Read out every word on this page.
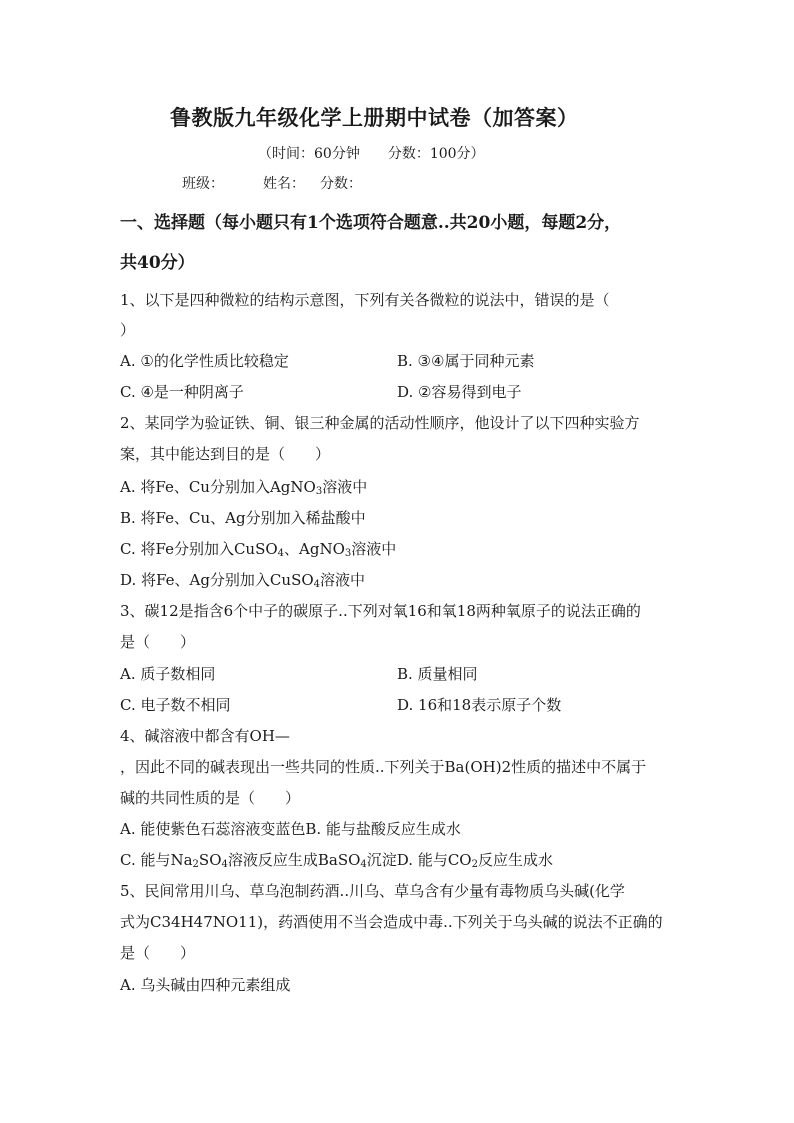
鲁教版九年级化学上册期中试卷（加答案）
（时间：60分钟　　分数：100分）
班级：	姓名： 分数：
一、选择题（每小题只有1个选项符合题意..共20小题，每题2分，
共40分）
1、以下是四种微粒的结构示意图，下列有关各微粒的说法中，错误的是（
）
A. ①的化学性质比较稳定	B. ③④属于同种元素
C. ④是一种阴离子	D. ②容易得到电子
2、某同学为验证铁、铜、银三种金属的活动性顺序，他设计了以下四种实验方
案，其中能达到目的是（　　）
A. 将Fe、Cu分别加入AgNO$_3$溶液中
B. 将Fe、Cu、Ag分别加入稀盐酸中
C. 将Fe分别加入CuSO$_4$、AgNO$_3$溶液中
D. 将Fe、Ag分别加入CuSO$_4$溶液中
3、碳12是指含6个中子的碳原子..下列对氧16和氧18两种氧原子的说法正确的
是（　　）
A. 质子数相同	B. 质量相同
C. 电子数不相同	D. 16和18表示原子个数
4、碱溶液中都含有OH—
，因此不同的碱表现出一些共同的性质..下列关于Ba(OH)2性质的描述中不属于
碱的共同性质的是（　　）
A. 能使紫色石蕊溶液变蓝色B. 能与盐酸反应生成水
C. 能与$Na_2SO_4$溶液反应生成BaSO$_4$沉淀D. 能与$CO_2$反应生成水
5、民间常用川乌、草乌泡制药酒..川乌、草乌含有少量有毒物质乌头碱(化学
式为C34H47NO11)，药酒使用不当会造成中毒..下列关于乌头碱的说法不正确的
是（　　）
A. 乌头碱由四种元素组成
